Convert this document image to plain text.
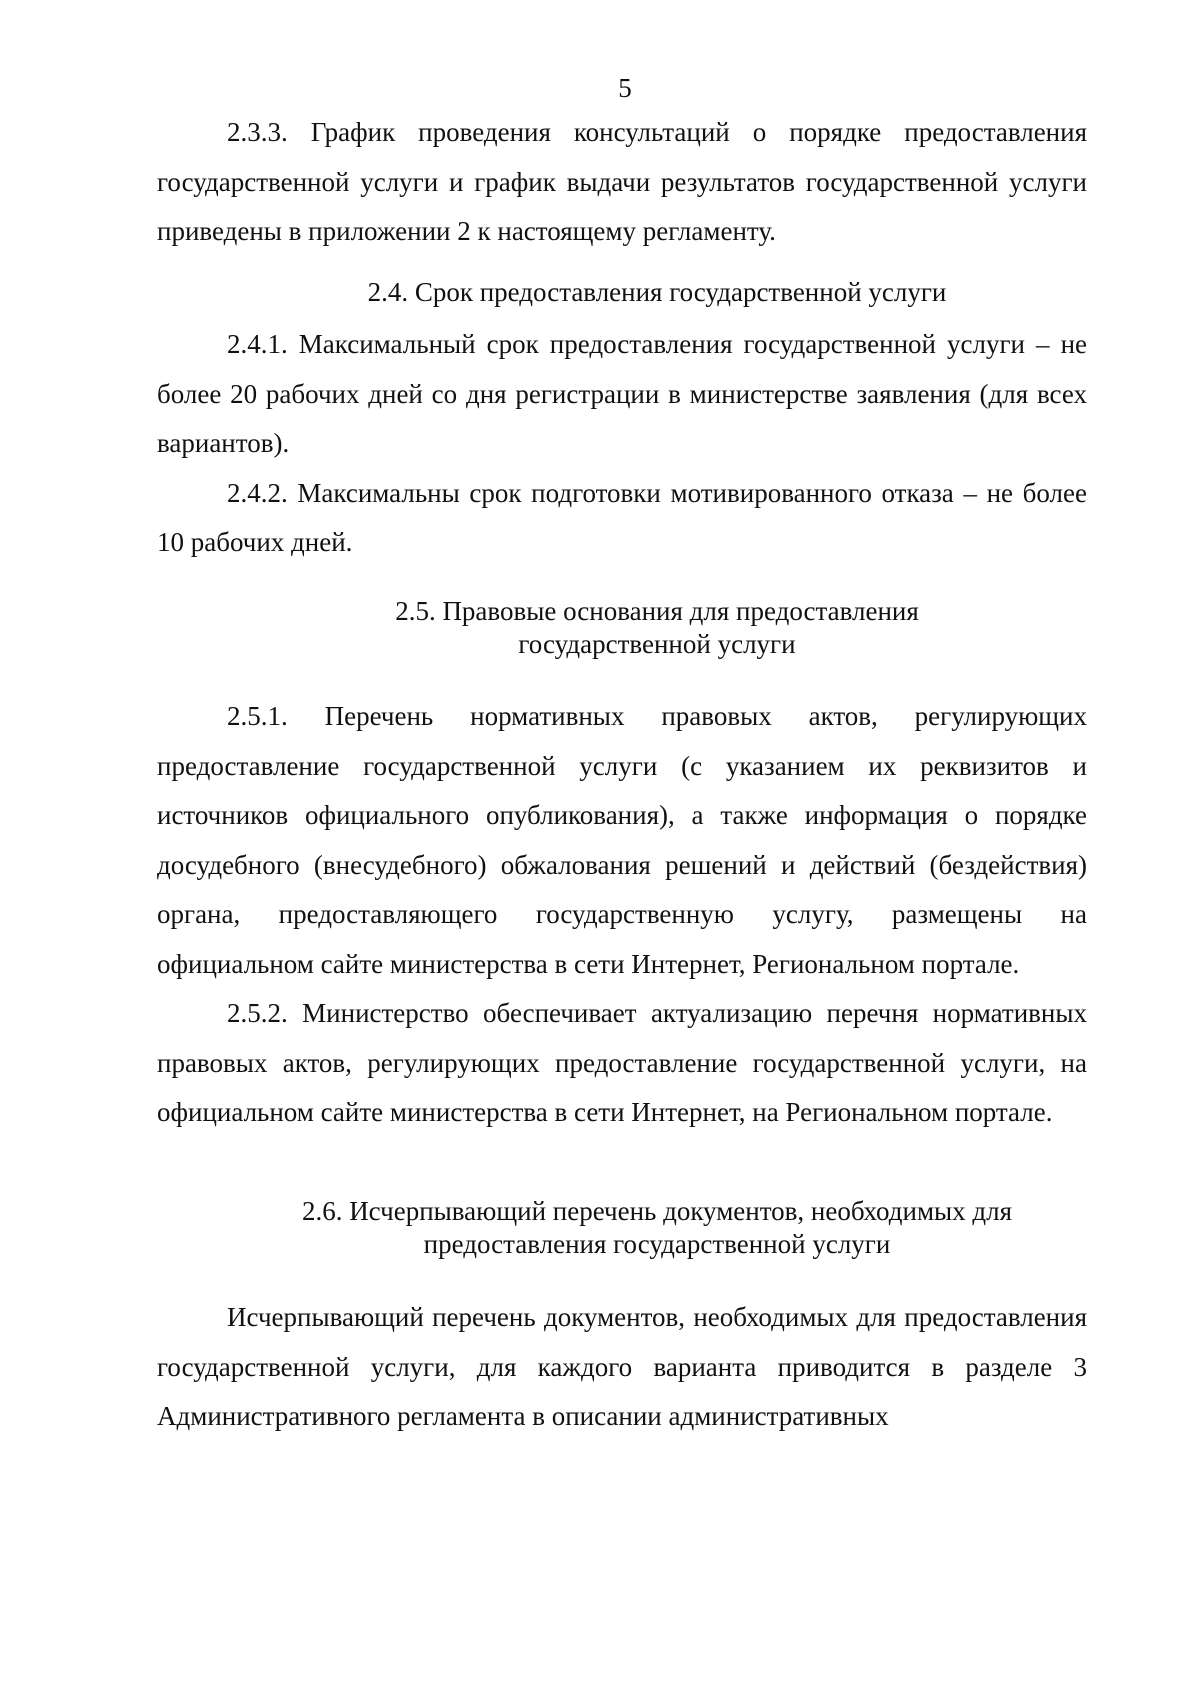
5

2.3.3. График проведения консультаций о порядке предоставления государственной услуги и график выдачи результатов государственной услуги приведены в приложении 2 к настоящему регламенту.

2.4. Срок предоставления государственной услуги

2.4.1. Максимальный срок предоставления государственной услуги – не более 20 рабочих дней со дня регистрации в министерстве заявления (для всех вариантов).

2.4.2. Максимальны срок подготовки мотивированного отказа – не более 10 рабочих дней.

2.5. Правовые основания для предоставления
государственной услуги

2.5.1. Перечень нормативных правовых актов, регулирующих предоставление государственной услуги (с указанием их реквизитов и источников официального опубликования), а также информация о порядке досудебного (внесудебного) обжалования решений и действий (бездействия) органа, предоставляющего государственную услугу, размещены на официальном сайте министерства в сети Интернет, Региональном портале.

2.5.2. Министерство обеспечивает актуализацию перечня нормативных правовых актов, регулирующих предоставление государственной услуги, на официальном сайте министерства в сети Интернет, на Региональном портале.

2.6. Исчерпывающий перечень документов, необходимых для
предоставления государственной услуги

Исчерпывающий перечень документов, необходимых для предоставления государственной услуги, для каждого варианта приводится в разделе 3 Административного регламента в описании административных
